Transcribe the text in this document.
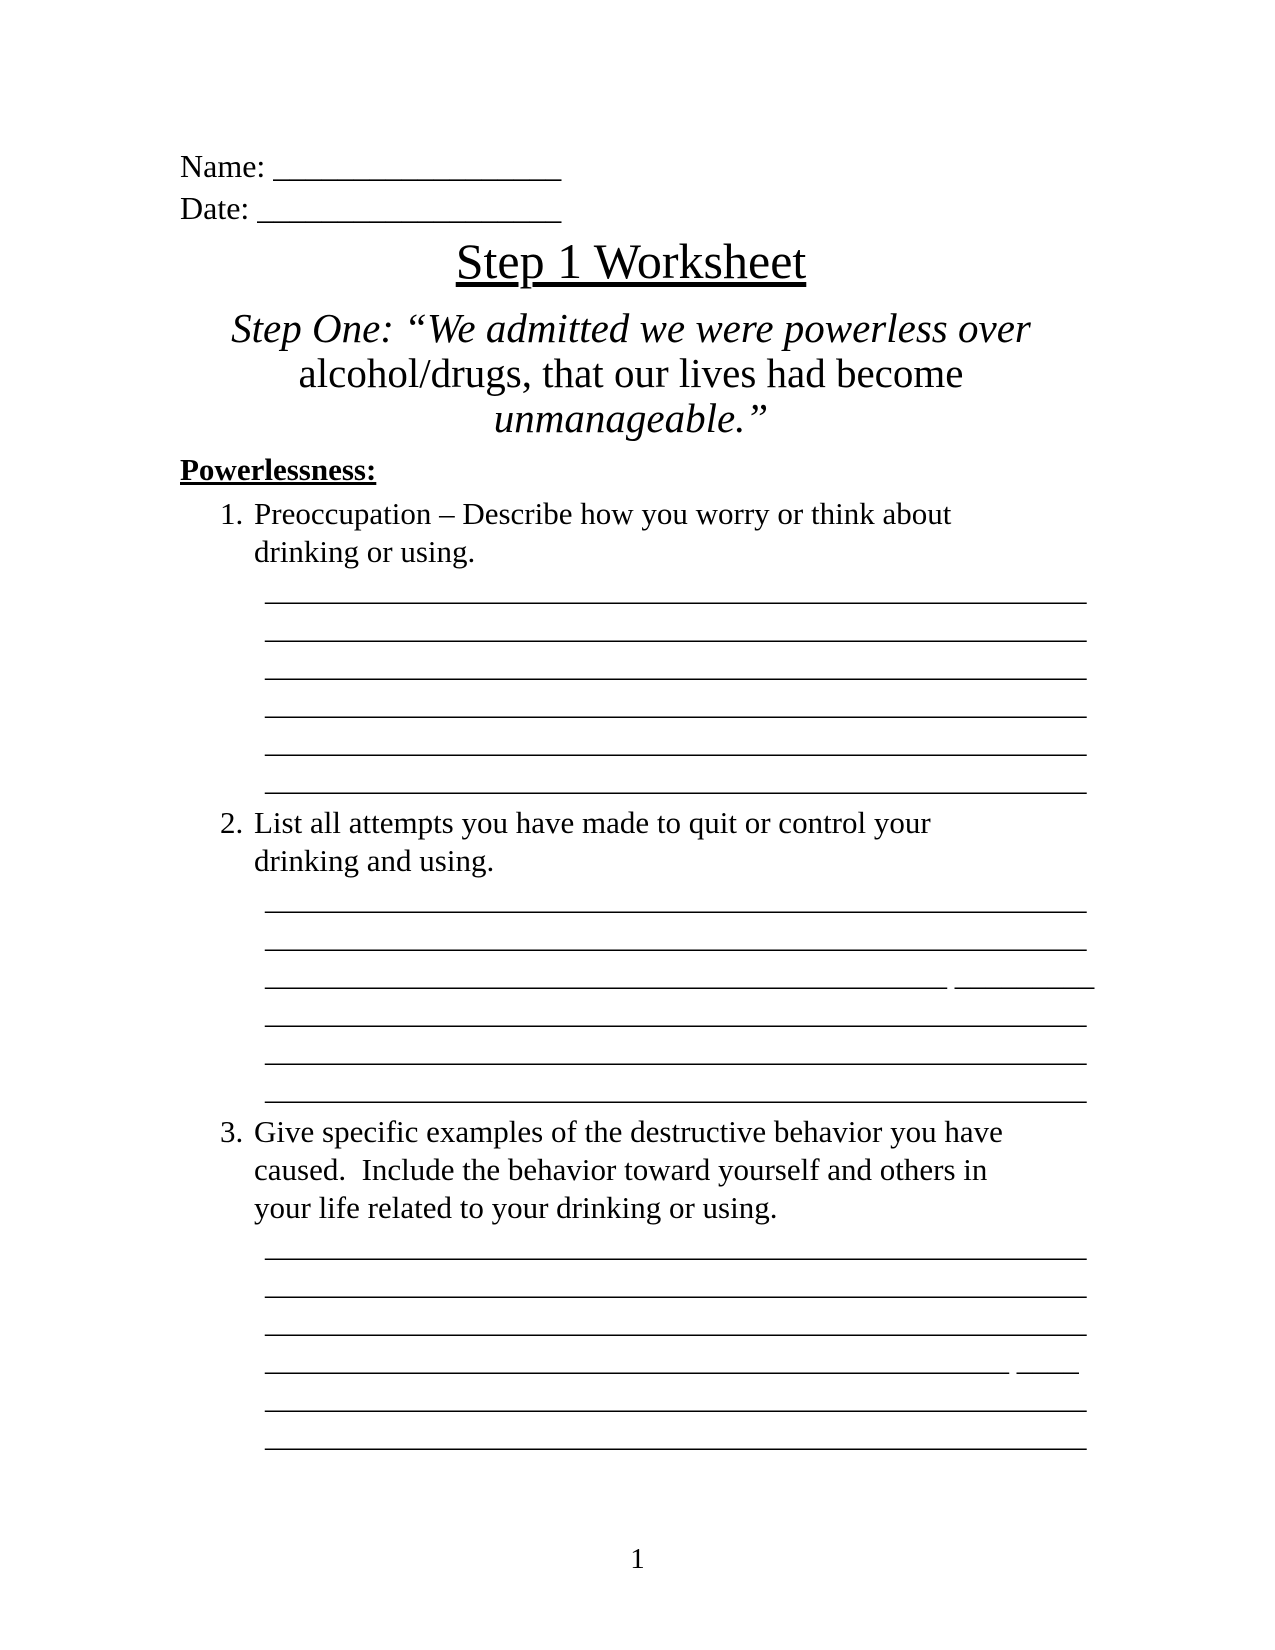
Name: __________________
Date: ___________________
Step 1 Worksheet
Step One: “We admitted we were powerless over
alcohol/drugs, that our lives had become
unmanageable.”
Powerlessness:
1. Preoccupation – Describe how you worry or think about
drinking or using.
_____________________________________________________
_____________________________________________________
_____________________________________________________
_____________________________________________________
_____________________________________________________
_____________________________________________________
2. List all attempts you have made to quit or control your
drinking and using.
_____________________________________________________
_____________________________________________________
____________________________________________ _________
_____________________________________________________
_____________________________________________________
_____________________________________________________
3. Give specific examples of the destructive behavior you have
caused.  Include the behavior toward yourself and others in
your life related to your drinking or using.
_____________________________________________________
_____________________________________________________
_____________________________________________________
________________________________________________ ____
_____________________________________________________
_____________________________________________________
1
